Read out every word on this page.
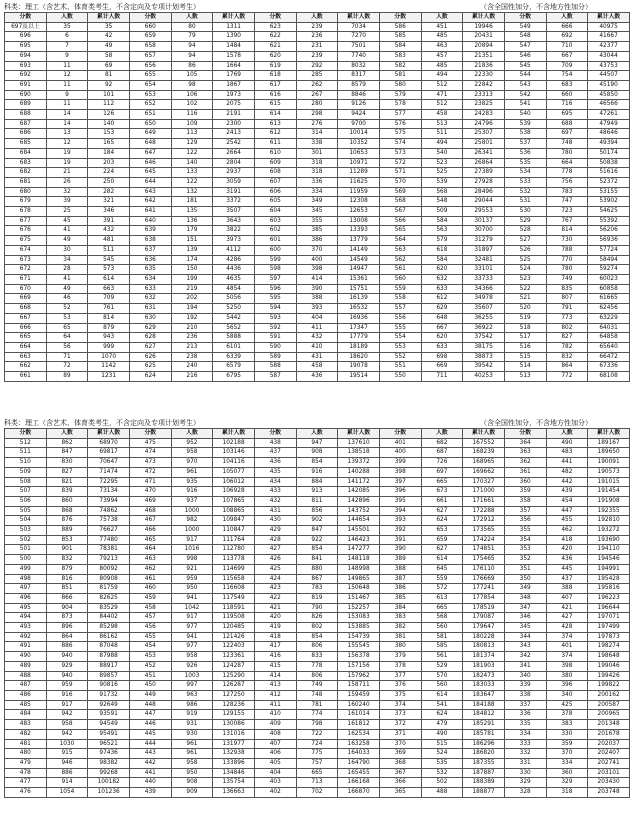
科类：理工（含艺术、体育类考生，不含定向及专项计划考生）	（含全国性加分，不含地方性加分）
分数	人数	累计人数	分数	人数	累计人数	分数	人数	累计人数	分数	人数	累计人数	分数	人数	累计人数
697及以上	35	35	660	80	1311	623	239	7034	586	451	19946	549	666	40975
696	6	42	659	79	1390	622	236	7270	585	485	20431	548	692	41667
695	7	49	658	94	1484	621	231	7501	584	463	20894	547	710	42377
694	9	58	657	94	1578	620	239	7740	583	457	21351	546	667	43044
693	11	69	656	86	1664	619	292	8032	582	485	21836	545	709	43753
692	12	81	655	105	1769	618	285	8317	581	494	22330	544	754	44507
691	11	92	654	98	1867	617	262	8579	580	512	22842	543	683	45190
690	9	101	653	106	1973	616	267	8846	579	471	23313	542	660	45850
689	11	112	652	102	2075	615	280	9126	578	512	23825	541	716	46566
688	14	126	651	116	2191	614	298	9424	577	458	24283	540	695	47261
687	14	140	650	109	2300	613	276	9700	576	513	24796	539	688	47949
686	13	153	649	113	2413	612	314	10014	575	511	25307	538	697	48646
685	12	165	648	129	2542	611	338	10352	574	494	25801	537	748	49394
684	19	184	647	122	2664	610	301	10653	573	540	26341	536	780	50174
683	19	203	646	140	2804	609	318	10971	572	523	26864	535	664	50838
682	21	224	645	133	2937	608	318	11289	571	525	27389	534	778	51616
681	26	250	644	122	3059	607	336	11625	570	539	27928	533	756	52372
680	32	282	643	132	3191	606	334	11959	569	568	28496	532	783	53155
679	39	321	642	181	3372	605	349	12308	568	548	29044	531	747	53902
678	25	346	641	135	3507	604	345	12653	567	509	29553	530	723	54625
677	45	391	640	136	3643	603	355	13008	566	584	30137	529	767	55392
676	41	432	639	179	3822	602	385	13393	565	563	30700	528	814	56206
675	49	481	638	151	3973	601	386	13779	564	579	31279	527	730	56936
674	30	511	637	139	4112	600	370	14149	563	618	31897	526	788	57724
673	34	545	636	174	4286	599	400	14549	562	584	32481	525	770	58494
672	28	573	635	150	4436	598	398	14947	561	620	33101	524	780	59274
671	41	614	634	199	4635	597	414	15361	560	632	33733	523	749	60023
670	49	663	633	219	4854	596	390	15751	559	633	34366	522	835	60858
669	46	709	632	202	5056	595	388	16139	558	612	34978	521	807	61665
668	52	761	631	194	5250	594	393	16532	557	629	35607	520	791	62456
667	53	814	630	192	5442	593	404	16936	556	648	36255	519	773	63229
666	65	879	629	210	5652	592	411	17347	555	667	36922	518	802	64031
665	64	943	628	236	5888	591	432	17779	554	620	37542	517	827	64858
664	56	999	627	213	6101	590	410	18189	553	633	38175	516	782	65640
663	71	1070	626	238	6339	589	431	18620	552	698	38873	515	832	66472
662	72	1142	625	240	6579	588	458	19078	551	669	39542	514	864	67336
661	89	1231	624	216	6795	587	436	19514	550	711	40253	513	772	68108
科类：理工（含艺术、体育类考生，不含定向及专项计划考生）	（含全国性加分，不含地方性加分）
分数	人数	累计人数	分数	人数	累计人数	分数	人数	累计人数	分数	人数	累计人数	分数	人数	累计人数
512	862	68970	475	952	102188	438	947	137610	401	682	167552	364	490	189167
511	847	69817	474	958	103146	437	908	138518	400	687	168239	363	483	189650
510	830	70647	473	970	104116	436	854	139372	399	726	168965	362	441	190091
509	827	71474	472	961	105077	435	916	140288	398	697	169662	361	482	190573
508	821	72295	471	935	106012	434	884	141172	397	665	170327	360	442	191015
507	839	73134	470	916	106928	433	913	142085	396	673	171000	359	439	191454
506	860	73994	469	937	107865	432	811	142896	395	661	171661	358	454	191908
505	868	74862	468	1000	108865	431	856	143752	394	627	172288	357	447	192355
504	876	75738	467	982	109847	430	902	144654	393	624	172912	356	455	192810
503	889	76627	466	1000	110847	429	847	145501	392	653	173565	355	462	193272
502	853	77480	465	917	111764	428	922	146423	391	659	174224	354	418	193690
501	901	78381	464	1016	112780	427	854	147277	390	627	174851	353	420	194110
500	832	79213	463	998	113778	426	841	148118	389	614	175465	352	436	194546
499	879	80092	462	921	114699	425	880	148998	388	645	176110	351	445	194991
498	816	80908	461	959	115658	424	867	149865	387	559	176669	350	437	195428
497	851	81759	460	950	116608	423	783	150648	386	572	177241	349	388	195816
496	866	82625	459	941	117549	422	819	151467	385	613	177854	348	407	196223
495	904	83529	458	1042	118591	421	790	152257	384	665	178519	347	421	196644
494	873	84402	457	917	119508	420	826	153083	383	568	179087	346	427	197071
493	896	85298	456	977	120485	419	802	153885	382	560	179647	345	428	197499
492	864	86162	455	941	121426	418	854	154739	381	581	180228	344	374	197873
491	886	87048	454	977	122403	417	806	155545	380	585	180813	343	401	198274
490	940	87988	453	958	123361	416	833	156378	379	561	181374	342	374	198648
489	929	88917	452	926	124287	415	778	157156	378	529	181903	341	398	199046
488	940	89857	451	1003	125290	414	806	157962	377	570	182473	340	380	199426
487	959	90816	450	997	126287	413	749	158711	376	560	183033	339	396	199822
486	916	91732	449	963	127250	412	748	159459	375	614	183647	338	340	200162
485	917	92649	448	986	128236	411	781	160240	374	541	184188	337	425	200587
484	942	93591	447	919	129155	410	774	161014	373	624	184812	336	378	200965
483	958	94549	446	931	130086	409	798	161812	372	479	185291	335	383	201348
482	942	95491	445	930	131016	408	722	162534	371	490	185781	334	330	201678
481	1030	96521	444	961	131977	407	724	163258	370	515	186296	333	359	202037
480	915	97436	443	961	132938	406	775	164033	369	524	186820	332	370	202407
479	946	98382	442	958	133896	405	757	164790	368	535	187355	331	334	202741
478	886	99268	441	950	134846	404	665	165455	367	532	187887	330	360	203101
477	914	100182	440	908	135754	403	713	166168	366	502	188389	329	329	203430
476	1054	101236	439	909	136663	402	702	166870	365	488	188877	328	318	203748
